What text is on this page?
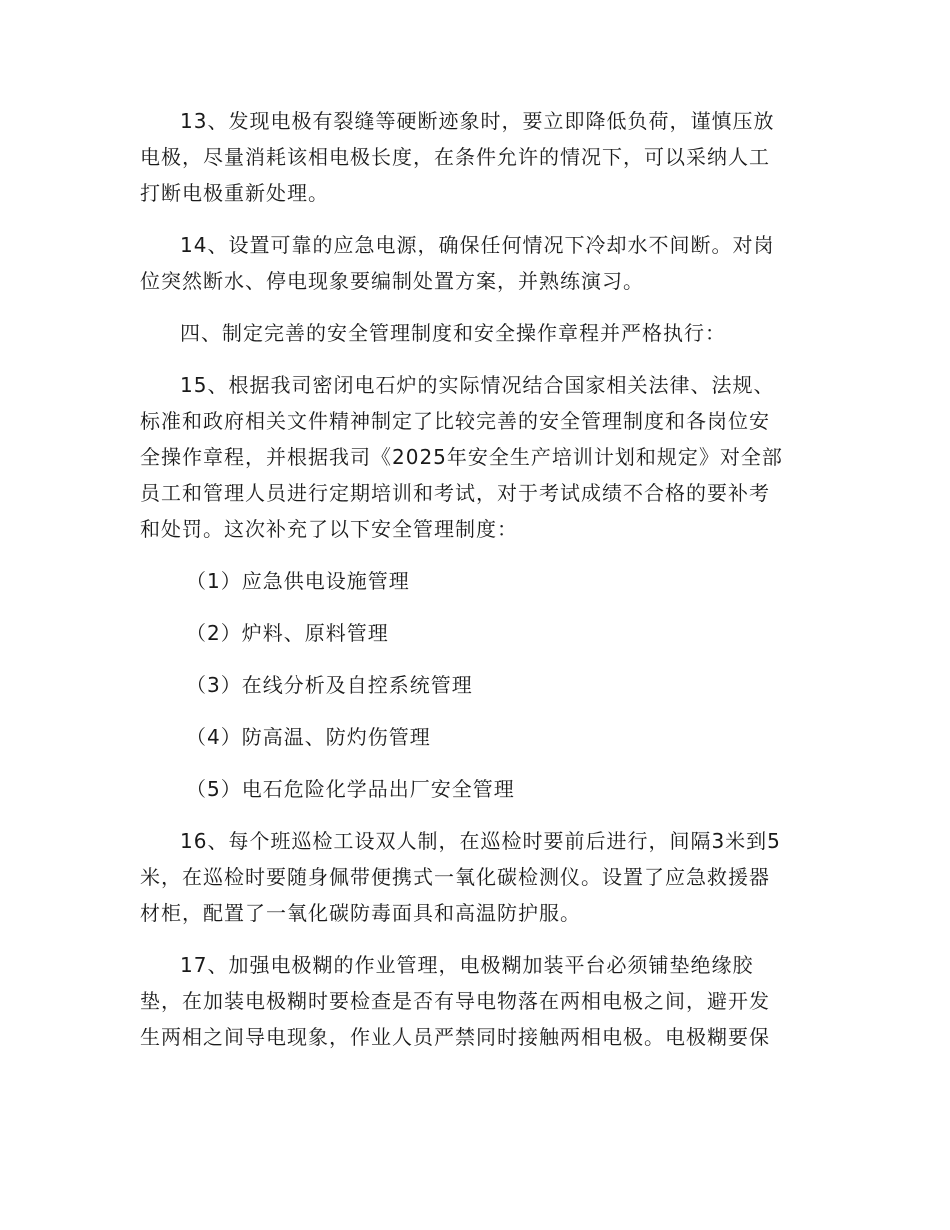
13、发现电极有裂缝等硬断迹象时，要立即降低负荷，谨慎压放
电极，尽量消耗该相电极长度，在条件允许的情况下，可以采纳人工
打断电极重新处理。

14、设置可靠的应急电源，确保任何情况下冷却水不间断。对岗
位突然断水、停电现象要编制处置方案，并熟练演习。

四、制定完善的安全管理制度和安全操作章程并严格执行：

15、根据我司密闭电石炉的实际情况结合国家相关法律、法规、
标准和政府相关文件精神制定了比较完善的安全管理制度和各岗位安
全操作章程，并根据我司《2025年安全生产培训计划和规定》对全部
员工和管理人员进行定期培训和考试，对于考试成绩不合格的要补考
和处罚。这次补充了以下安全管理制度：

（1）应急供电设施管理
（2）炉料、原料管理
（3）在线分析及自控系统管理
（4）防高温、防灼伤管理
（5）电石危险化学品出厂安全管理

16、每个班巡检工设双人制，在巡检时要前后进行，间隔3米到5
米，在巡检时要随身佩带便携式一氧化碳检测仪。设置了应急救援器
材柜，配置了一氧化碳防毒面具和高温防护服。

17、加强电极糊的作业管理，电极糊加装平台必须铺垫绝缘胶
垫，在加装电极糊时要检查是否有导电物落在两相电极之间，避开发
生两相之间导电现象，作业人员严禁同时接触两相电极。电极糊要保
